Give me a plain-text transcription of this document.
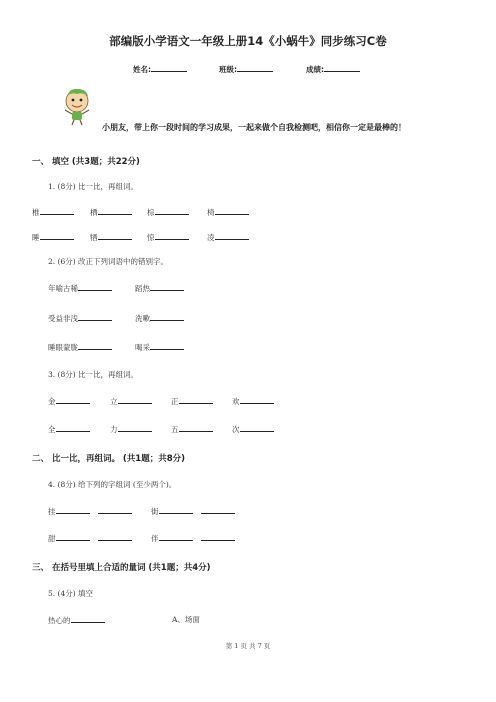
部编版小学语文一年级上册14《小蜗牛》同步练习C卷
姓名:	班级:	成绩:
小朋友，带上你一段时间的学习成果，一起来做个自我检测吧，相信你一定是最棒的！
一、 填空 (共3题；共22分)
1. (8分) 比一比，再组词。
椎	栖	棕	椅
睡	牺	惊	凌
2. (6分) 改正下列词语中的错别字。
年喻古稀	蹈热
受益非浅	洗嗽
睡眼蒙胧	喝采
3. (8分) 比一比，再组词。
金	立	正	欢
全	力	五	次
二、 比一比，再组词。 (共1题；共8分)
4. (8分) 给下列的字组词 (至少两个)。
挂	街
甜	伴
三、 在括号里填上合适的量词 (共1题；共4分)
5. (4分) 填空
热心的	A、场面
第 1 页 共 7 页
